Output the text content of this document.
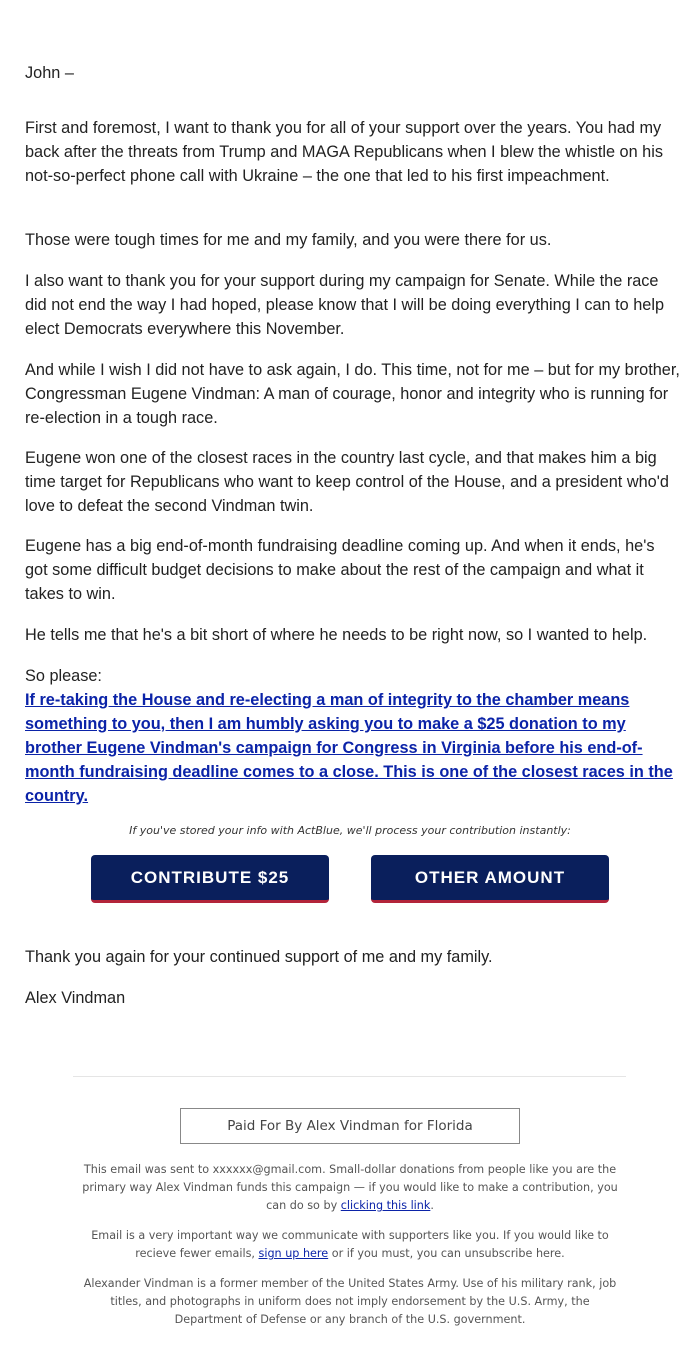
John –

First and foremost, I want to thank you for all of your support over the years. You had my back after the threats from Trump and MAGA Republicans when I blew the whistle on his not-so-perfect phone call with Ukraine – the one that led to his first impeachment.

Those were tough times for me and my family, and you were there for us.

I also want to thank you for your support during my campaign for Senate. While the race did not end the way I had hoped, please know that I will be doing everything I can to help elect Democrats everywhere this November.

And while I wish I did not have to ask again, I do. This time, not for me – but for my brother, Congressman Eugene Vindman: A man of courage, honor and integrity who is running for re-election in a tough race.

Eugene won one of the closest races in the country last cycle, and that makes him a big time target for Republicans who want to keep control of the House, and a president who'd love to defeat the second Vindman twin.

Eugene has a big end-of-month fundraising deadline coming up. And when it ends, he's got some difficult budget decisions to make about the rest of the campaign and what it takes to win.

He tells me that he's a bit short of where he needs to be right now, so I wanted to help.

So please:

If re-taking the House and re-electing a man of integrity to the chamber means something to you, then I am humbly asking you to make a $25 donation to my brother Eugene Vindman's campaign for Congress in Virginia before his end-of-month fundraising deadline comes to a close. This is one of the closest races in the country.
If you've stored your info with ActBlue, we'll process your contribution instantly:
CONTRIBUTE $25	OTHER AMOUNT

Thank you again for your continued support of me and my family.

Alex Vindman

Paid For By Alex Vindman for Florida

This email was sent to xxxxxx@gmail.com. Small-dollar donations from people like you are the primary way Alex Vindman funds this campaign — if you would like to make a contribution, you can do so by clicking this link.

Email is a very important way we communicate with supporters like you. If you would like to recieve fewer emails, sign up here or if you must, you can unsubscribe here.

Alexander Vindman is a former member of the United States Army. Use of his military rank, job titles, and photographs in uniform does not imply endorsement by the U.S. Army, the Department of Defense or any branch of the U.S. government.
